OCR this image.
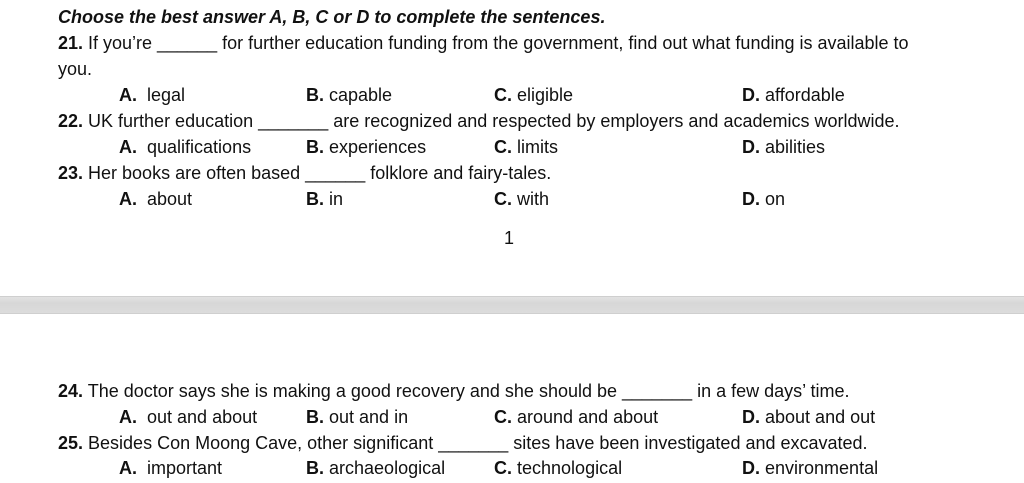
Choose the best answer A, B, C or D to complete the sentences.
21. If you’re ______ for further education funding from the government, find out what funding is available to
you.
A. legal	B. capable	C. eligible	D. affordable
22. UK further education _______ are recognized and respected by employers and academics worldwide.
A. qualifications	B. experiences	C. limits	D. abilities
23. Her books are often based ______ folklore and fairy-tales.
A. about	B. in	C. with	D. on
1
24. The doctor says she is making a good recovery and she should be _______ in a few days’ time.
A. out and about	B. out and in	C. around and about	D. about and out
25. Besides Con Moong Cave, other significant _______ sites have been investigated and excavated.
A. important	B. archaeological	C. technological	D. environmental
